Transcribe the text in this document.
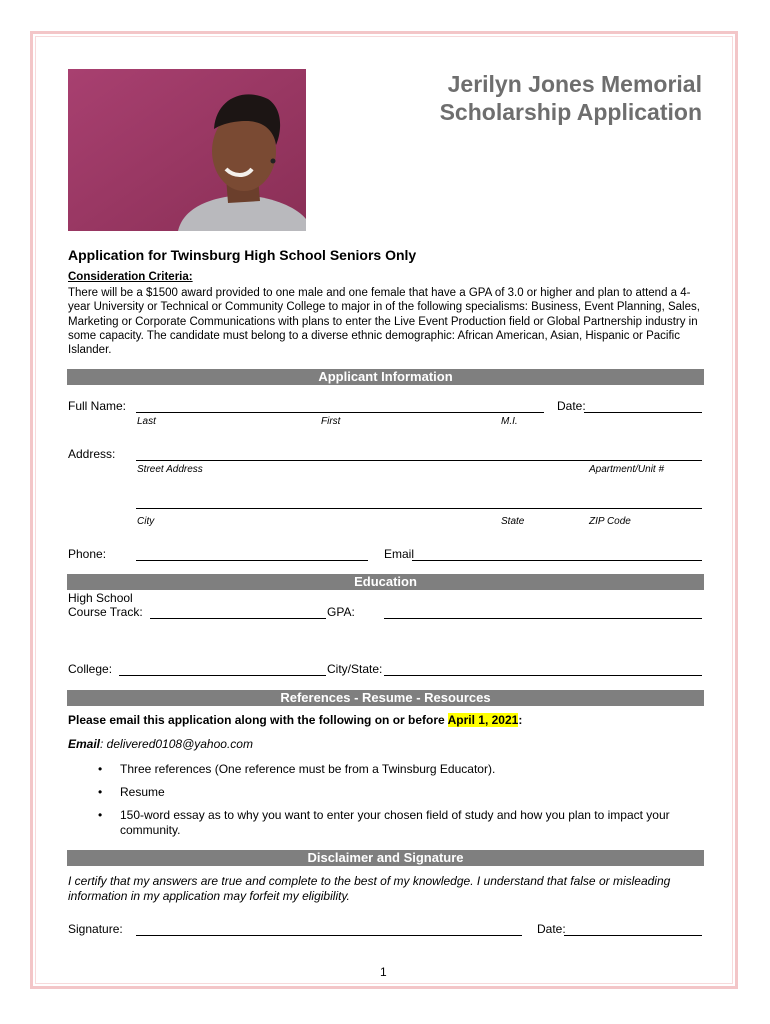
Jerilyn Jones Memorial
Scholarship Application
Application for Twinsburg High School Seniors Only
Consideration Criteria:
There will be a $1500 award provided to one male and one female that have a GPA of 3.0 or higher and plan to attend a 4-year University or Technical or Community College to major in of the following specialisms: Business, Event Planning, Sales, Marketing or Corporate Communications with plans to enter the Live Event Production field or Global Partnership industry in some capacity. The candidate must belong to a diverse ethnic demographic: African American, Asian, Hispanic or Pacific Islander.
Applicant Information
Full Name:	Date:
Last	First	M.I.
Address:
Street Address	Apartment/Unit #
City	State	ZIP Code
Phone:	Email
Education
High School
Course Track:	GPA:
College:	City/State:
References - Resume - Resources
Please email this application along with the following on or before April 1, 2021:
Email: delivered0108@yahoo.com
• Three references (One reference must be from a Twinsburg Educator).
• Resume
• 150-word essay as to why you want to enter your chosen field of study and how you plan to impact your community.
Disclaimer and Signature
I certify that my answers are true and complete to the best of my knowledge. I understand that false or misleading information in my application may forfeit my eligibility.
Signature:	Date:
1
